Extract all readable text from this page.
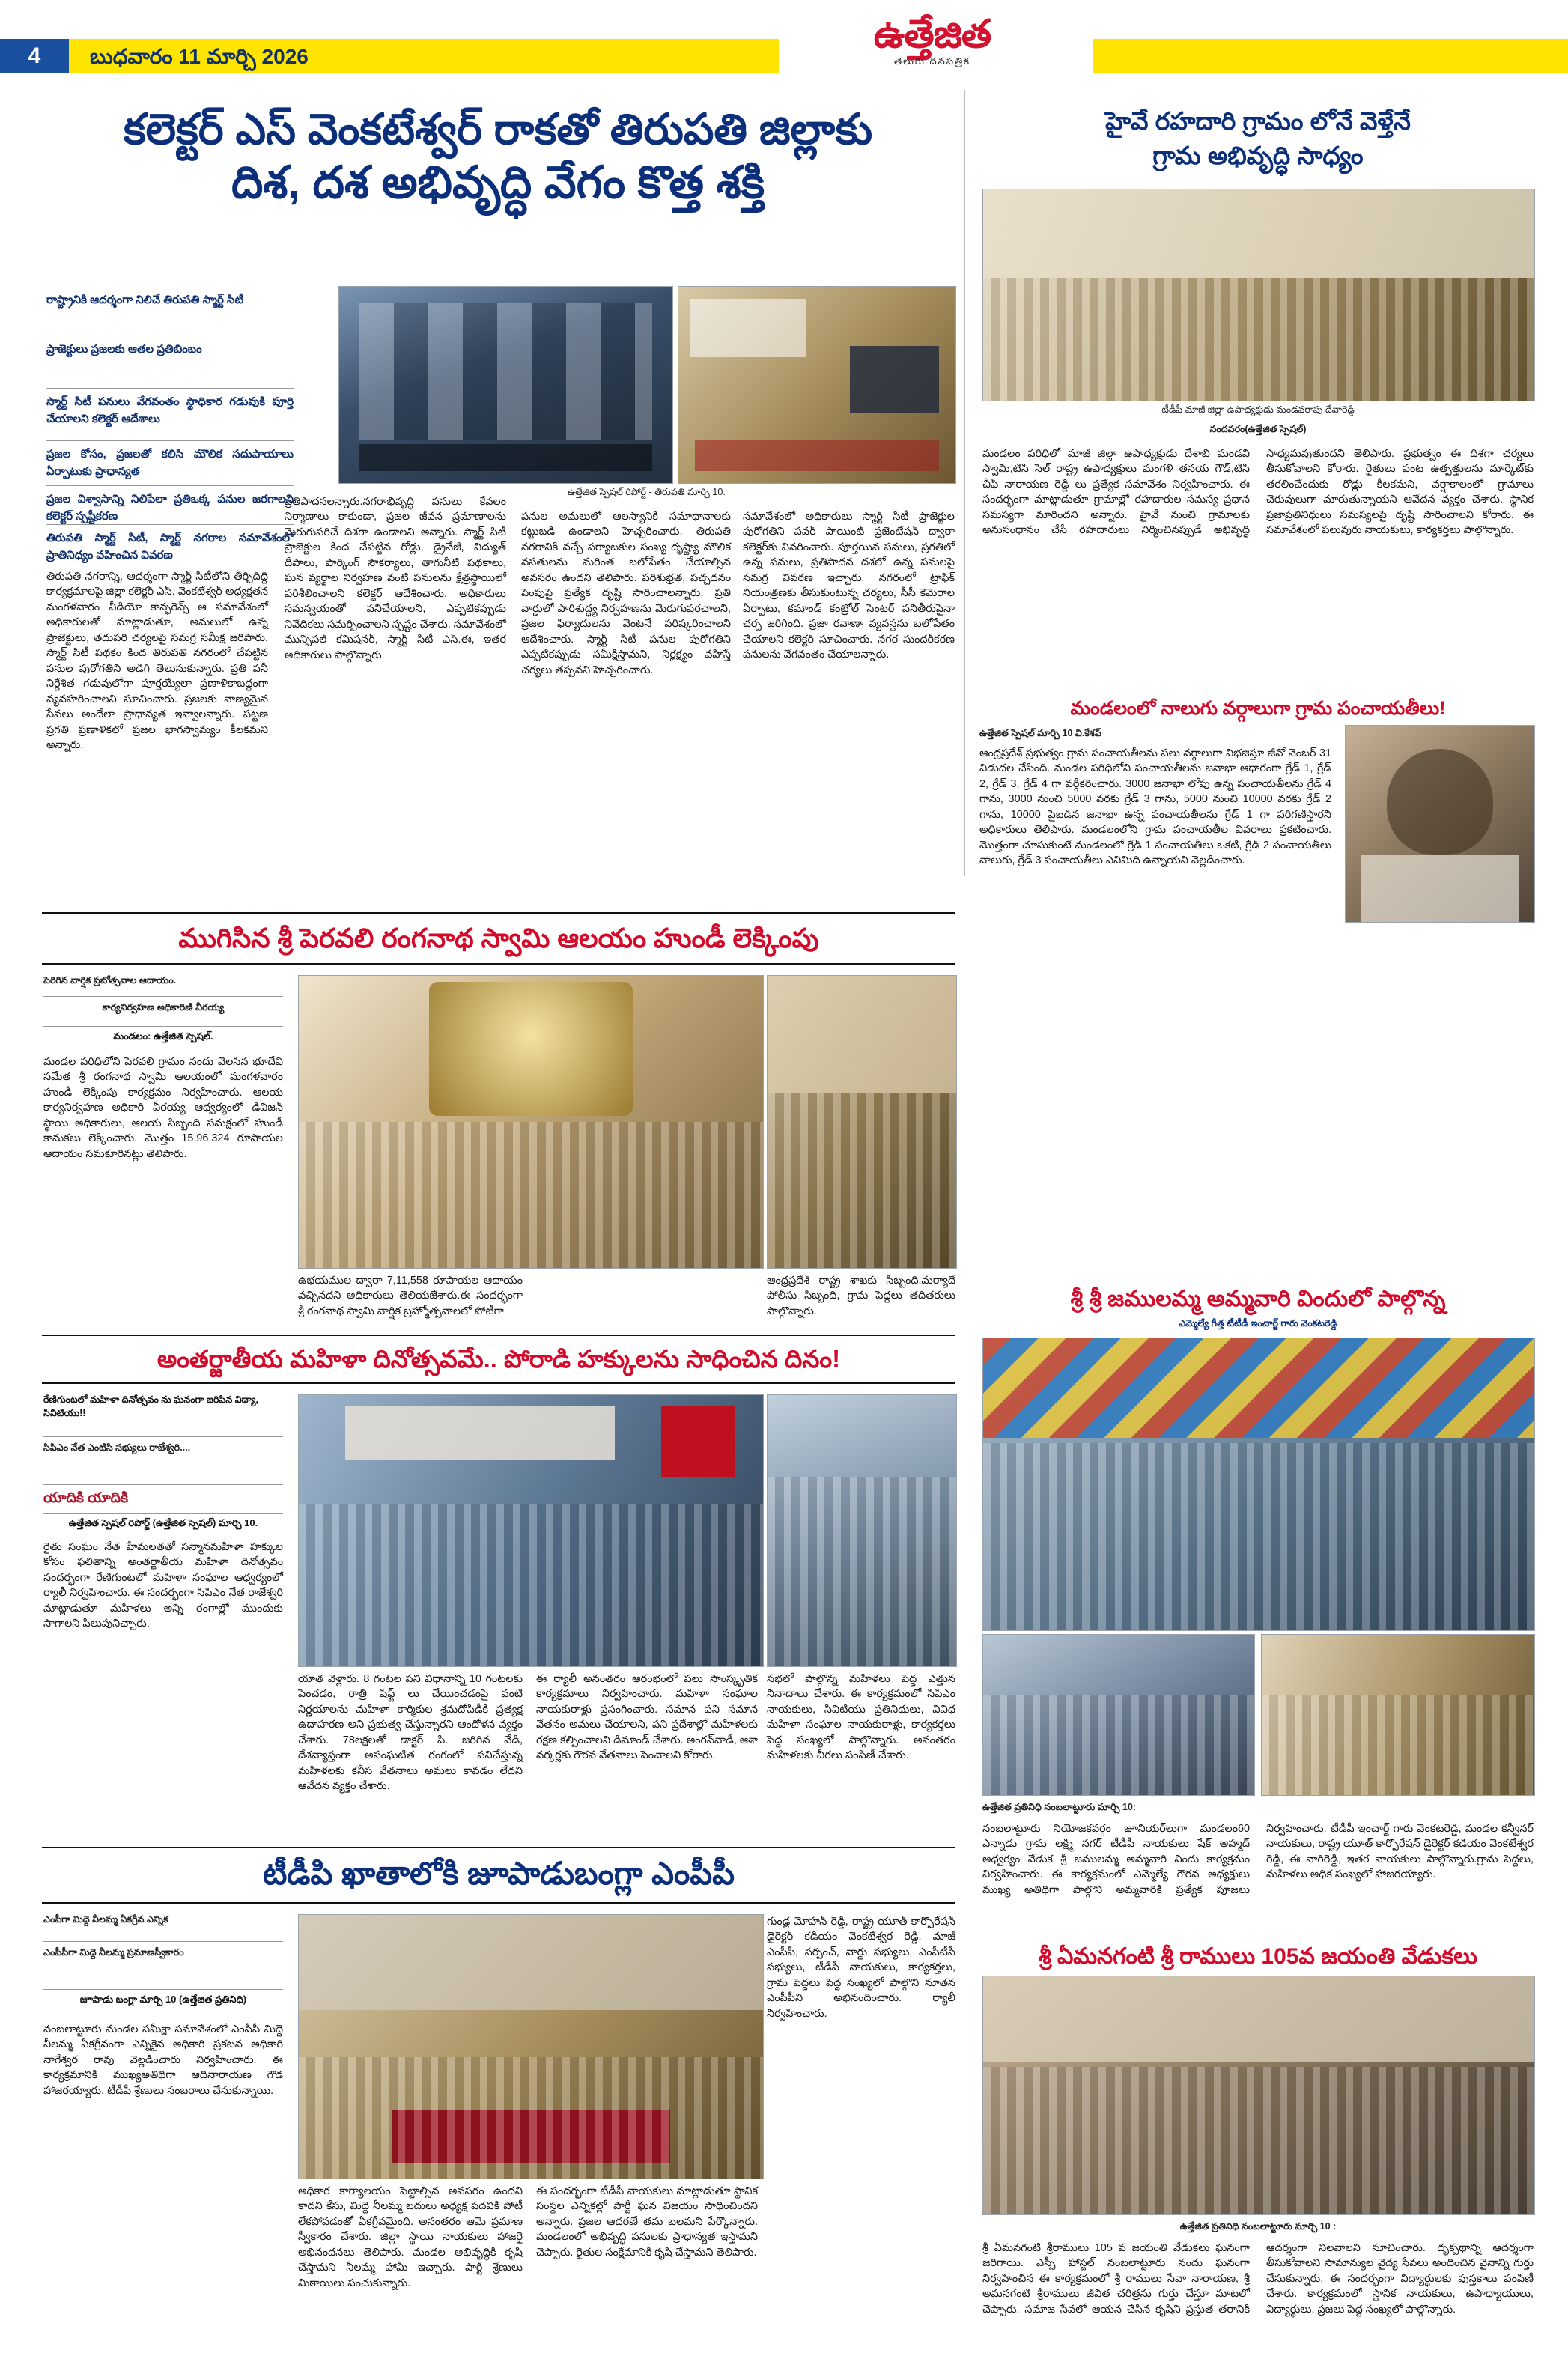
4	బుధవారం 11 మార్చి 2026
ఉత్తేజిత
తెలుగు దినపత్రిక
కలెక్టర్ ఎస్ వెంకటేశ్వర్ రాకతో తిరుపతి జిల్లాకు
దిశ, దశ అభివృద్ధి వేగం కొత్త శక్తి
రాష్ట్రానికి ఆదర్శంగా నిలిచే తిరుపతి స్మార్ట్ సిటీ
ప్రాజెక్టులు ప్రజలకు ఆతల ప్రతిబింబం
స్మార్ట్ సిటీ పనులు వేగవంతం స్థాధికార గడువుకి పూర్తి చేయాలని కలెక్టర్ ఆదేశాలు
ప్రజల కోసం, ప్రజలతో కలిసి మౌలిక సదుపాయాలు ఏర్పాటుకు ప్రాధాన్యత
ప్రజల విశ్వాసాన్ని నిలిపేలా ప్రతిఒక్క పనుల జరగాలని కలెక్టర్ స్పష్టీకరణ
తిరుపతి స్మార్ట్ సిటీ, స్మార్ట్ నగరాల సమావేశంలో ప్రాతినిధ్యం వహించిన వివరణ
ఉత్తేజిత స్పెషల్ రిపోర్ట్ - తిరుపతి మార్చి 10.
తిరుపతి నగరాన్ని, ఆదర్శంగా స్మార్ట్ సిటీలోని తీర్చిదిద్ది కార్యక్రమాలపై జిల్లా కలెక్టర్ ఎస్. వెంకటేశ్వర్ అధ్యక్షతన మంగళవారం వీడియో కాన్ఫరెన్స్ ఆ సమావేశంలో అధికారులతో మాట్లాడుతూ, అమలులో ఉన్న ప్రాజెక్టులు, తదుపరి చర్యలపై సమగ్ర సమీక్ష జరిపారు. స్మార్ట్ సిటీ పథకం కింద తిరుపతి నగరంలో చేపట్టిన పనుల పురోగతిని అడిగి తెలుసుకున్నారు. ప్రతి పనీ నిర్దేశిత గడువులోగా పూర్తయ్యేలా ప్రణాళికాబద్ధంగా వ్యవహరించాలని సూచించారు. ప్రజలకు నాణ్యమైన సేవలు అందేలా ప్రాధాన్యత ఇవ్వాలన్నారు. పట్టణ ప్రగతి ప్రణాళికలో ప్రజల భాగస్వామ్యం కీలకమని అన్నారు.
ప్రతిపాదనలన్నారు.నగరాభివృద్ధి పనులు కేవలం నిర్మాణాలు కాకుండా, ప్రజల జీవన ప్రమాణాలను మెరుగుపరిచే దిశగా ఉండాలని అన్నారు. స్మార్ట్ సిటీ ప్రాజెక్టుల కింద చేపట్టిన రోడ్లు, డ్రైనేజీ, విద్యుత్ దీపాలు, పార్కింగ్ సౌకర్యాలు, తాగునీటి పథకాలు, ఘన వ్యర్థాల నిర్వహణ వంటి పనులను క్షేత్రస్థాయిలో పరిశీలించాలని కలెక్టర్ ఆదేశించారు. అధికారులు సమన్వయంతో పనిచేయాలని, ఎప్పటికప్పుడు నివేదికలు సమర్పించాలని స్పష్టం చేశారు. సమావేశంలో మున్సిపల్ కమిషనర్, స్మార్ట్ సిటీ ఎస్.ఈ, ఇతర అధికారులు పాల్గొన్నారు.
పనుల అమలులో ఆలస్యానికి సమాధానాలకు కట్టుబడి ఉండాలని హెచ్చరించారు. తిరుపతి నగరానికి వచ్చే పర్యాటకుల సంఖ్య దృష్ట్యా మౌలిక వసతులను మరింత బలోపేతం చేయాల్సిన అవసరం ఉందని తెలిపారు. పరిశుభ్రత, పచ్చదనం పెంపుపై ప్రత్యేక దృష్టి సారించాలన్నారు. ప్రతి వార్డులో పారిశుద్ధ్య నిర్వహణను మెరుగుపరచాలని, ప్రజల ఫిర్యాదులను వెంటనే పరిష్కరించాలని ఆదేశించారు. స్మార్ట్ సిటీ పనుల పురోగతిని ఎప్పటికప్పుడు సమీక్షిస్తామని, నిర్లక్ష్యం వహిస్తే చర్యలు తప్పవని హెచ్చరించారు.
సమావేశంలో అధికారులు స్మార్ట్ సిటీ ప్రాజెక్టుల పురోగతిని పవర్ పాయింట్ ప్రజెంటేషన్ ద్వారా కలెక్టర్‌కు వివరించారు. పూర్తయిన పనులు, ప్రగతిలో ఉన్న పనులు, ప్రతిపాదన దశలో ఉన్న పనులపై సమగ్ర వివరణ ఇచ్చారు. నగరంలో ట్రాఫిక్ నియంత్రణకు తీసుకుంటున్న చర్యలు, సీసీ కెమెరాల ఏర్పాటు, కమాండ్ కంట్రోల్ సెంటర్ పనితీరుపైనా చర్చ జరిగింది. ప్రజా రవాణా వ్యవస్థను బలోపేతం చేయాలని కలెక్టర్ సూచించారు. నగర సుందరీకరణ పనులను వేగవంతం చేయాలన్నారు.
హైవే రహదారి గ్రామం లోనే వెళ్తేనే
గ్రామ అభివృద్ధి సాధ్యం
టీడీపీ మాజీ జిల్లా ఉపాధ్యక్షుడు మండవరాపు దేవారెడ్డి
నందవరం(ఉత్తేజిత స్పెషల్)
మండలం పరిధిలో మాజీ జిల్లా ఉపాధ్యక్షుడు దేశాబి మండవి స్వామి,టిసి సెల్ రాష్ట్ర ఉపాధ్యక్షులు మంగళి తనయ గౌడ్,టిసి చీఫ్ నారాయణ రెడ్డి లు ప్రత్యేక సమావేశం నిర్వహించారు. ఈ సందర్భంగా మాట్లాడుతూ గ్రామాల్లో రహదారుల సమస్య ప్రధాన సమస్యగా మారిందని అన్నారు. హైవే నుంచి గ్రామాలకు అనుసంధానం చేసే రహదారులు నిర్మించినప్పుడే అభివృద్ధి సాధ్యమవుతుందని తెలిపారు. ప్రభుత్వం ఈ దిశగా చర్యలు తీసుకోవాలని కోరారు. రైతులు పంట ఉత్పత్తులను మార్కెట్‌కు తరలించేందుకు రోడ్లు కీలకమని, వర్షాకాలంలో గ్రామాలు చెరువులుగా మారుతున్నాయని ఆవేదన వ్యక్తం చేశారు. స్థానిక ప్రజాప్రతినిధులు సమస్యలపై దృష్టి సారించాలని కోరారు. ఈ సమావేశంలో పలువురు నాయకులు, కార్యకర్తలు పాల్గొన్నారు.
మండలంలో నాలుగు వర్గాలుగా గ్రామ పంచాయతీలు!
ఉత్తేజిత స్పెషల్ మార్చి 10 వి.కేశవ్
ఆంధ్రప్రదేశ్ ప్రభుత్వం గ్రామ పంచాయతీలను పలు వర్గాలుగా విభజిస్తూ జీవో నెంబర్ 31 విడుదల చేసింది. మండల పరిధిలోని పంచాయతీలను జనాభా ఆధారంగా గ్రేడ్ 1, గ్రేడ్ 2, గ్రేడ్ 3, గ్రేడ్ 4 గా వర్గీకరించారు. 3000 జనాభా లోపు ఉన్న పంచాయతీలను గ్రేడ్ 4 గాను, 3000 నుంచి 5000 వరకు గ్రేడ్ 3 గాను, 5000 నుంచి 10000 వరకు గ్రేడ్ 2 గాను, 10000 పైబడిన జనాభా ఉన్న పంచాయతీలను గ్రేడ్ 1 గా పరిగణిస్తారని అధికారులు తెలిపారు. మండలంలోని గ్రామ పంచాయతీల వివరాలు ప్రకటించారు. మొత్తంగా చూసుకుంటే మండలంలో గ్రేడ్ 1 పంచాయతీలు ఒకటి, గ్రేడ్ 2 పంచాయతీలు నాలుగు, గ్రేడ్ 3 పంచాయతీలు ఎనిమిది ఉన్నాయని వెల్లడించారు.
ముగిసిన శ్రీ పెరవలి రంగనాథ స్వామి ఆలయం హుండీ లెక్కింపు
పెరిగిన వార్షిక ప్రబోత్సవాల ఆదాయం.
కార్యనిర్వహణ అధికారిణి వీరయ్య
మండలం: ఉత్తేజిత స్పెషల్.
మండల పరిధిలోని పెరవలి గ్రామం నందు వెలసిన భూదేవి సమేత శ్రీ రంగనాథ స్వామి ఆలయంలో మంగళవారం హుండీ లెక్కింపు కార్యక్రమం నిర్వహించారు. ఆలయ కార్యనిర్వహణ అధికారి వీరయ్య ఆధ్వర్యంలో డివిజన్ స్థాయి అధికారులు, ఆలయ సిబ్బంది సమక్షంలో హుండీ కానుకలు లెక్కించారు. మొత్తం 15,96,324 రూపాయల ఆదాయం సమకూరినట్లు తెలిపారు.
ఉభయముల ద్వారా 7,11,558 రూపాయల ఆదాయం వచ్చినదని అధికారులు తెలియజేశారు.ఈ సందర్భంగా శ్రీ రంగనాథ స్వామి వార్షిక బ్రహ్మోత్సవాలలో పోటీగా
ఆంధ్రప్రదేశ్ రాష్ట్ర శాఖకు సిబ్బంది,మర్యాదే పోలీసు సిబ్బంది, గ్రామ పెద్దలు తదితరులు పాల్గొన్నారు.
అంతర్జాతీయ మహిళా దినోత్సవమే.. పోరాడి హక్కులను సాధించిన దినం!
రేణిగుంటలో మహిళా దినోత్సవం ను ఘనంగా జరిపిన విద్యా, సివిటియు!!
సిపిఎం నేత ఎంటిసి సభ్యులు రాజేశ్వరి....
యాదికి యాదికి
ఉత్తేజిత స్పెషల్ రిపోర్ట్ (ఉత్తేజిత స్పెషల్) మార్చి 10.
రైతు సంఘం నేత హేమలతతో సన్మానమహిళా హక్కుల కోసం ఫలితాన్ని అంతర్జాతీయ మహిళా దినోత్సవం సందర్భంగా రేణిగుంటలో మహిళా సంఘాల ఆధ్వర్యంలో ర్యాలీ నిర్వహించారు. ఈ సందర్భంగా సిపిఎం నేత రాజేశ్వరి మాట్లాడుతూ మహిళలు అన్ని రంగాల్లో ముందుకు సాగాలని పిలుపునిచ్చారు.
యాత వెళ్లారు. 8 గంటల పని విధానాన్ని 10 గంటలకు పెంచడం, రాత్రి షిఫ్ట్ లు చేయించడంపై వంటి నిర్ణయాలను మహిళా కార్మికుల శ్రమదోపిడీకి ప్రత్యక్ష ఉదాహరణ అని ప్రభుత్వ చేస్తున్నారని ఆందోళన వ్యక్తం చేశారు. 78లక్షలతో డాక్టర్ పి. జరిగిన వేడి, దేశవ్యాప్తంగా అసంఘటిత రంగంలో పనిచేస్తున్న మహిళలకు కనీస వేతనాలు అమలు కావడం లేదని ఆవేదన వ్యక్తం చేశారు.
ఈ ర్యాలీ అనంతరం ఆరంభంలో పలు సాంస్కృతిక కార్యక్రమాలు నిర్వహించారు. మహిళా సంఘాల నాయకురాళ్లు ప్రసంగించారు. సమాన పని సమాన వేతనం అమలు చేయాలని, పని ప్రదేశాల్లో మహిళలకు రక్షణ కల్పించాలని డిమాండ్ చేశారు. అంగన్‌వాడీ, ఆశా వర్కర్లకు గౌరవ వేతనాలు పెంచాలని కోరారు.
సభలో పాల్గొన్న మహిళలు పెద్ద ఎత్తున నినాదాలు చేశారు. ఈ కార్యక్రమంలో సిపిఎం నాయకులు, సివిటియు ప్రతినిధులు, వివిధ మహిళా సంఘాల నాయకురాళ్లు, కార్యకర్తలు పెద్ద సంఖ్యలో పాల్గొన్నారు. అనంతరం మహిళలకు చీరలు పంపిణీ చేశారు.
శ్రీ శ్రీ జములమ్మ అమ్మవారి విందులో పాల్గొన్న
ఎమ్మెల్యే గీత్త టీటీడీ ఇంచార్జ్ గారు వెంకటరెడ్డి
ఉత్తేజిత ప్రతినిధి నంబలాట్టూరు మార్చి 10:
నంబలాట్టూరు నియోజకవర్గం జూనియర్‌లుగా మండలం60 ఎన్నాడు గ్రామ లక్ష్మి నగర్ టీడీపీ నాయకులు షేక్ అహ్మద్ అధ్వర్యం వేడుక శ్రీ జములమ్మ అమ్మవారి విందు కార్యక్రమం నిర్వహించారు. ఈ కార్యక్రమంలో ఎమ్మెల్యే గౌరవ అధ్యక్షులు ముఖ్య అతిథిగా పాల్గొని అమ్మవారికి ప్రత్యేక పూజలు నిర్వహించారు. టీడీపీ ఇంచార్జ్ గారు వెంకటరెడ్డి, మండల కన్వీనర్ నాయకులు, రాష్ట్ర యూత్ కార్పొరేషన్ డైరెక్టర్ కడియం వెంకటేశ్వర రెడ్డి, ఈ నాగిరెడ్డి, ఇతర నాయకులు పాల్గొన్నారు.గ్రామ పెద్దలు, మహిళలు అధిక సంఖ్యలో హాజరయ్యారు.
శ్రీ ఏమనగంటి శ్రీ రాములు 105వ జయంతి వేడుకలు
ఉత్తేజిత ప్రతినిధి నంబలాట్టూరు మార్చి 10 :
శ్రీ ఏమనగంటి శ్రీరాములు 105 వ జయంతి వేడుకలు ఘనంగా జరిగాయి. ఎస్సీ హాస్టల్ నంబలాట్టూరు నందు ఘనంగా నిర్వహించిన ఈ కార్యక్రమంలో శ్రీ రాములు సేవా నారాయణ, శ్రీ అమనగంటి శ్రీరాములు జీవిత చరిత్రను గుర్తు చేస్తూ మాటలో చెప్పారు. సమాజ సేవలో ఆయన చేసిన కృషిని ప్రస్తుత తరానికి ఆదర్శంగా నిలవాలని సూచించారు. దృక్పథాన్ని ఆదర్శంగా తీసుకోవాలని సామాన్యుల వైద్య సేవలు అందించిన వైనాన్ని గుర్తు చేసుకున్నారు. ఈ సందర్భంగా విద్యార్థులకు పుస్తకాలు పంపిణీ చేశారు. కార్యక్రమంలో స్థానిక నాయకులు, ఉపాధ్యాయులు, విద్యార్థులు, ప్రజలు పెద్ద సంఖ్యలో పాల్గొన్నారు.
టీడీపి ఖాతాలోకి జూపాడుబంగ్లా ఎంపీపీ
ఎంపీగా మిద్దె నీలమ్మ ఏకగ్రీవ ఎన్నిక
ఎంపీపీగా మిద్దె నీలమ్మ ప్రమాణస్వీకారం
జూపాడు బంగ్లా మార్చి 10 (ఉత్తేజిత ప్రతినిధి)
నంబలాట్టూరు మండల సమీక్షా సమావేశంలో ఎంపీపీ మిద్దె నీలమ్మ ఏకగ్రీవంగా ఎన్నికైన అధికారి ప్రకటన అధికారి నాగేశ్వర రావు వెల్లడించారు నిర్వహించారు. ఈ కార్యక్రమానికి ముఖ్యఅతిథిగా ఆదినారాయణ గౌడ హాజరయ్యారు. టీడీపీ శ్రేణులు సంబరాలు చేసుకున్నాయి.
అధికార కార్యాలయం పెట్టాల్సిన అవసరం ఉందని కాదని కేసు, మిద్దె నీలమ్మ బదులు అధ్యక్ష పదవికి పోటీ లేకపోవడంతో ఏకగ్రీవమైంది. అనంతరం ఆమె ప్రమాణ స్వీకారం చేశారు. జిల్లా స్థాయి నాయకులు హాజరై అభినందనలు తెలిపారు. మండల అభివృద్ధికి కృషి చేస్తామని నీలమ్మ హామీ ఇచ్చారు. పార్టీ శ్రేణులు మిఠాయిలు పంచుకున్నారు.
ఈ సందర్భంగా టీడీపీ నాయకులు మాట్లాడుతూ స్థానిక సంస్థల ఎన్నికల్లో పార్టీ ఘన విజయం సాధించిందని అన్నారు. ప్రజల ఆదరణే తమ బలమని పేర్కొన్నారు. మండలంలో అభివృద్ధి పనులకు ప్రాధాన్యత ఇస్తామని చెప్పారు. రైతుల సంక్షేమానికి కృషి చేస్తామని తెలిపారు.
గుండ్ల మోహన్ రెడ్డి, రాష్ట్ర యూత్ కార్పొరేషన్ డైరెక్టర్ కడియం వెంకటేశ్వర రెడ్డి, మాజీ ఎంపీపీ, సర్పంచ్, వార్డు సభ్యులు, ఎంపీటీసీ సభ్యులు, టీడీపీ నాయకులు, కార్యకర్తలు, గ్రామ పెద్దలు పెద్ద సంఖ్యలో పాల్గొని నూతన ఎంపీపీని అభినందించారు. ర్యాలీ నిర్వహించారు.
